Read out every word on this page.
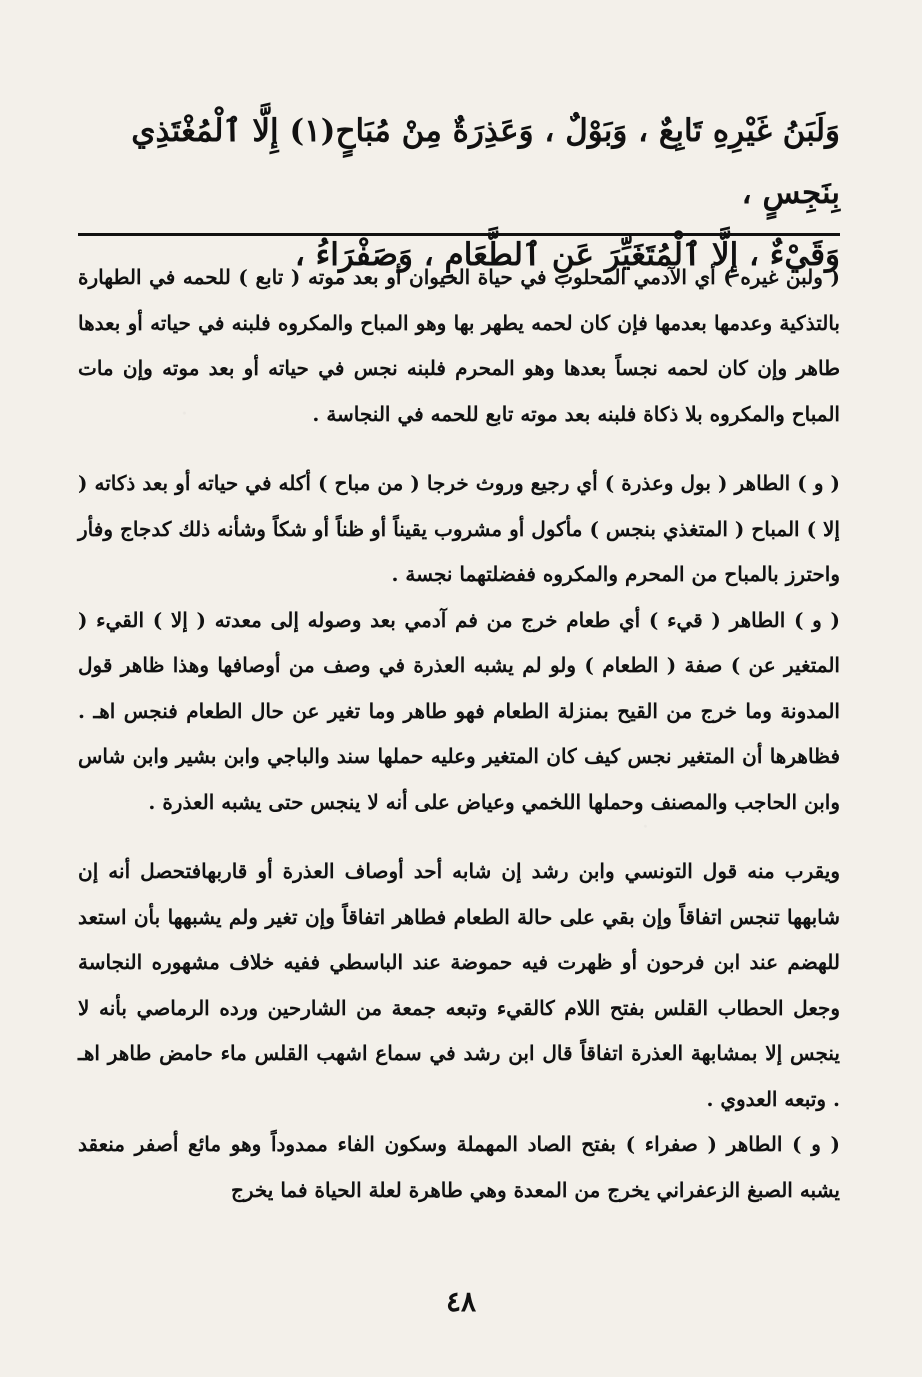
وَلَبَنُ غَيْرِهِ تَابِعٌ ، وَبَوْلٌ ، وَعَذِرَةٌ مِنْ مُبَاحٍ(١) إِلَّا ٱلْمُغْتَذِي بِنَجِسٍ ،

وَقَيْءٌ ، إِلَّا ٱلْمُتَغَيِّرَ عَنِ ٱلطَّعَامِ ، وَصَفْرَاءُ ،

( ولبن غيره ) أي الآدمي المحلوب في حياة الحيوان أو بعد موته ( تابع ) للحمه في الطهارة بالتذكية وعدمها بعدمها فإن كان لحمه يطهر بها وهو المباح والمكروه فلبنه في حياته أو بعدها طاهر وإن كان لحمه نجساً بعدها وهو المحرم فلبنه نجس في حياته أو بعد موته وإن مات المباح والمكروه بلا ذكاة فلبنه بعد موته تابع للحمه في النجاسة .

( و ) الطاهر ( بول وعذرة ) أي رجيع وروث خرجا ( من مباح ) أكله في حياته أو بعد ذكاته ( إلا ) المباح ( المتغذي بنجس ) مأكول أو مشروب يقيناً أو ظناً أو شكاً وشأنه ذلك كدجاج وفأر واحترز بالمباح من المحرم والمكروه ففضلتهما نجسة .

( و ) الطاهر ( قيء ) أي طعام خرج من فم آدمي بعد وصوله إلى معدته ( إلا ) القيء ( المتغير عن ) صفة ( الطعام ) ولو لم يشبه العذرة في وصف من أوصافها وهذا ظاهر قول المدونة وما خرج من القيح بمنزلة الطعام فهو طاهر وما تغير عن حال الطعام فنجس اهـ . فظاهرها أن المتغير نجس كيف كان المتغير وعليه حملها سند والباجي وابن بشير وابن شاس وابن الحاجب والمصنف وحملها اللخمي وعياض على أنه لا ينجس حتى يشبه العذرة .

ويقرب منه قول التونسي وابن رشد إن شابه أحد أوصاف العذرة أو قاربهافتحصل أنه إن شابهها تنجس اتفاقاً وإن بقي على حالة الطعام فطاهر اتفاقاً وإن تغير ولم يشبهها بأن استعد للهضم عند ابن فرحون أو ظهرت فيه حموضة عند الباسطي ففيه خلاف مشهوره النجاسة وجعل الحطاب القلس بفتح اللام كالقيء وتبعه جمعة من الشارحين ورده الرماصي بأنه لا ينجس إلا بمشابهة العذرة اتفاقاً قال ابن رشد في سماع اشهب القلس ماء حامض طاهر اهـ . وتبعه العدوي .

( و ) الطاهر ( صفراء ) بفتح الصاد المهملة وسكون الفاء ممدوداً وهو مائع أصفر منعقد يشبه الصبغ الزعفراني يخرج من المعدة وهي طاهرة لعلة الحياة فما يخرج

٤٨
